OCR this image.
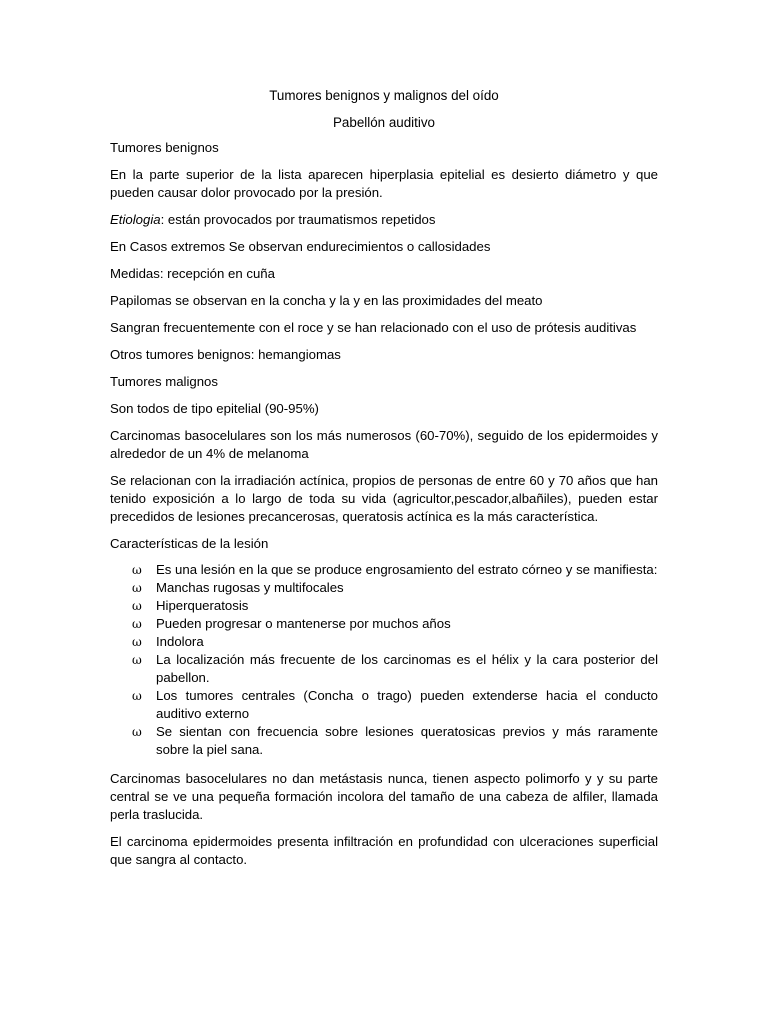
Tumores benignos y malignos del oído
Pabellón auditivo

Tumores benignos

En la parte superior de la lista aparecen hiperplasia epitelial es desierto diámetro y que pueden causar dolor provocado por la presión.

Etiologia: están provocados por traumatismos repetidos

En Casos extremos Se observan endurecimientos o callosidades

Medidas: recepción en cuña

Papilomas se observan en la concha y la y en las proximidades del meato

Sangran frecuentemente con el roce y se han relacionado con el uso de prótesis auditivas

Otros tumores benignos: hemangiomas

Tumores malignos

Son todos de tipo epitelial (90-95%)

Carcinomas basocelulares son los más numerosos (60-70%), seguido de los epidermoides y alrededor de un 4% de melanoma

Se relacionan con la irradiación actínica, propios de personas de entre 60 y 70 años que han tenido exposición a lo largo de toda su vida (agricultor,pescador,albañiles), pueden estar precedidos de lesiones precancerosas, queratosis actínica es la más característica.

Características de la lesión

ω Es una lesión en la que se produce engrosamiento del estrato córneo y se manifiesta:
ω Manchas rugosas y multifocales
ω Hiperqueratosis
ω Pueden progresar o mantenerse por muchos años
ω Indolora
ω La localización más frecuente de los carcinomas es el hélix y la cara posterior del pabellon.
ω Los tumores centrales (Concha o trago) pueden extenderse hacia el conducto auditivo externo
ω Se sientan con frecuencia sobre lesiones queratosicas previos y más raramente sobre la piel sana.

Carcinomas basocelulares no dan metástasis nunca, tienen aspecto polimorfo y y su parte central se ve una pequeña formación incolora del tamaño de una cabeza de alfiler, llamada perla traslucida.

El carcinoma epidermoides presenta infiltración en profundidad con ulceraciones superficial que sangra al contacto.
